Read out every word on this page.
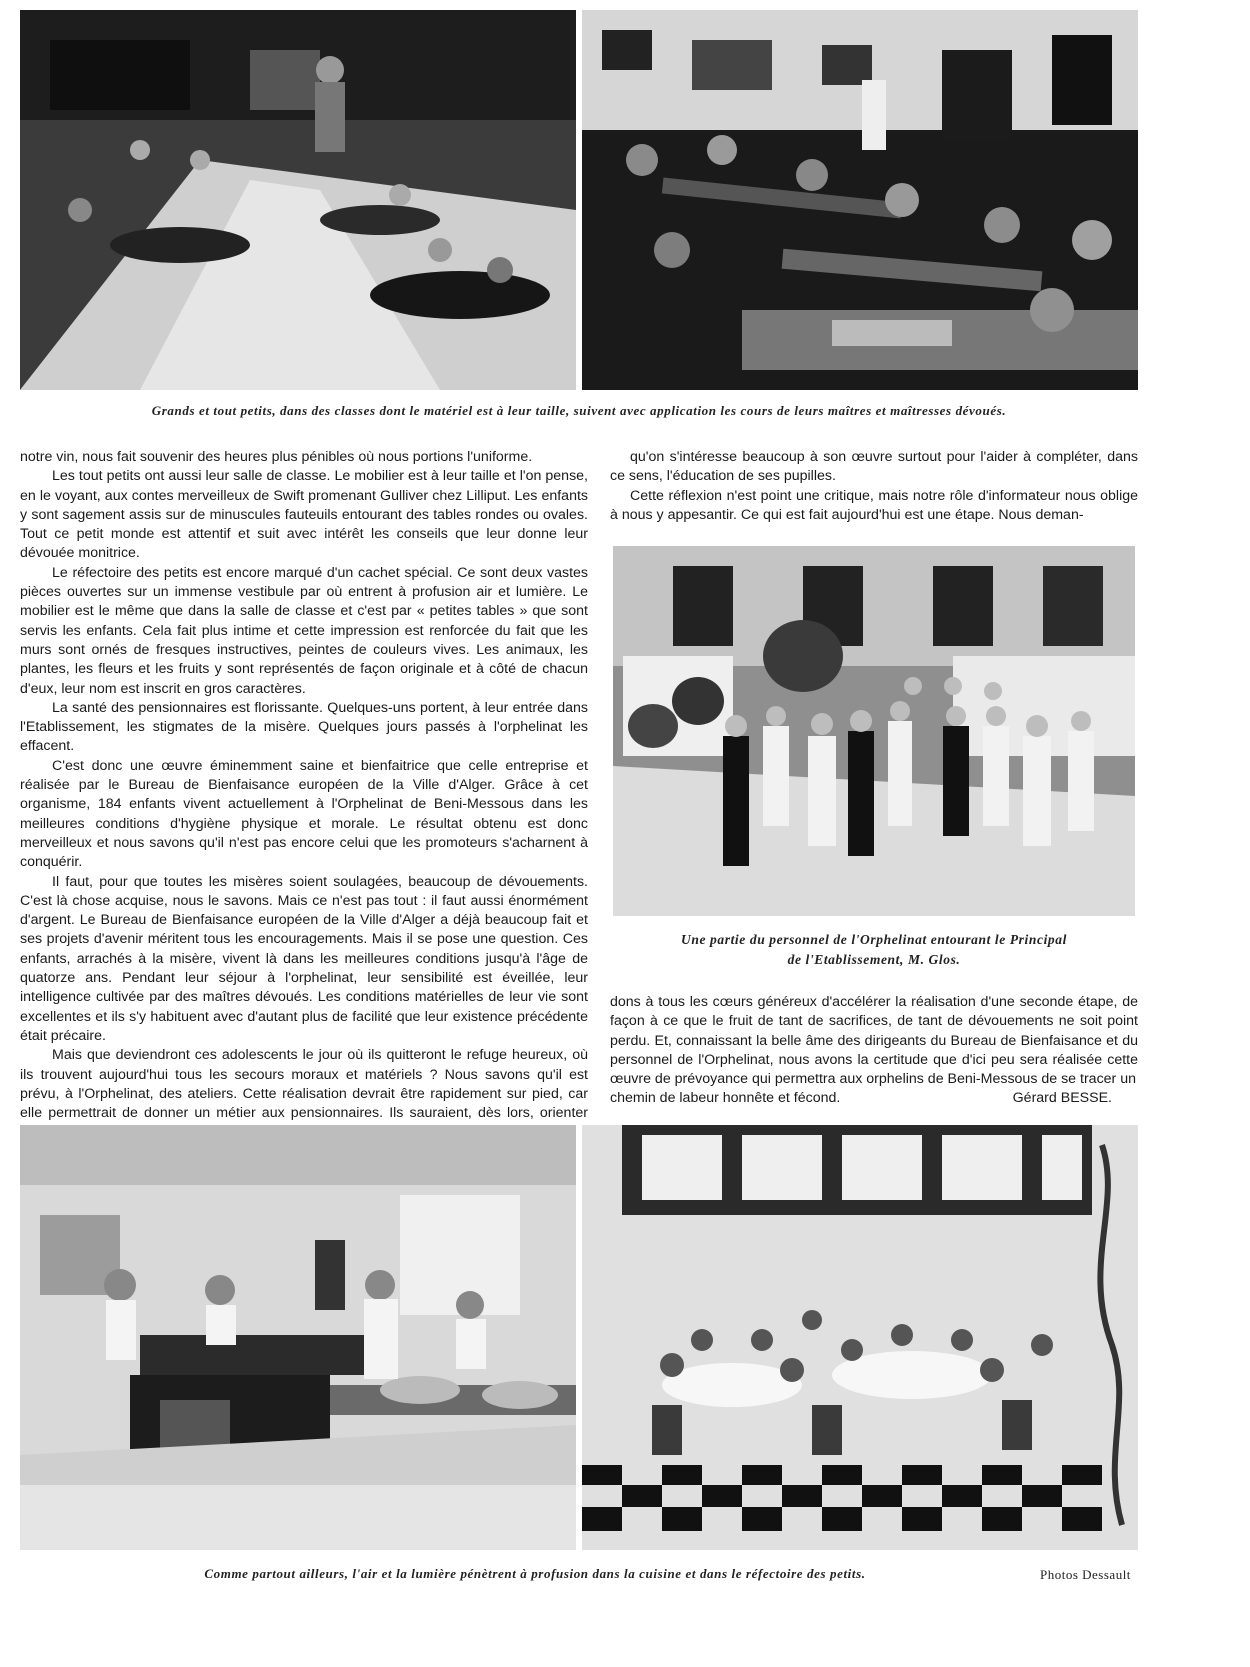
Grands et tout petits, dans des classes dont le matériel est à leur taille, suivent avec application les cours de leurs maîtres et maîtresses dévoués.

notre vin, nous fait souvenir des heures plus pénibles où nous portions l'uniforme.

Les tout petits ont aussi leur salle de classe. Le mobilier est à leur taille et l'on pense, en le voyant, aux contes merveilleux de Swift promenant Gulliver chez Lilliput. Les enfants y sont sagement assis sur de minuscules fauteuils entourant des tables rondes ou ovales. Tout ce petit monde est attentif et suit avec intérêt les conseils que leur donne leur dévouée monitrice.

Le réfectoire des petits est encore marqué d'un cachet spécial. Ce sont deux vastes pièces ouvertes sur un immense vestibule par où entrent à profusion air et lumière. Le mobilier est le même que dans la salle de classe et c'est par « petites tables » que sont servis les enfants. Cela fait plus intime et cette impression est renforcée du fait que les murs sont ornés de fresques instructives, peintes de couleurs vives. Les animaux, les plantes, les fleurs et les fruits y sont représentés de façon originale et à côté de chacun d'eux, leur nom est inscrit en gros caractères.

La santé des pensionnaires est florissante. Quelques-uns portent, à leur entrée dans l'Etablissement, les stigmates de la misère. Quelques jours passés à l'orphelinat les effacent.

C'est donc une œuvre éminemment saine et bienfaitrice que celle entreprise et réalisée par le Bureau de Bienfaisance européen de la Ville d'Alger. Grâce à cet organisme, 184 enfants vivent actuellement à l'Orphelinat de Beni-Messous dans les meilleures conditions d'hygiène physique et morale. Le résultat obtenu est donc merveilleux et nous savons qu'il n'est pas encore celui que les promoteurs s'acharnent à conquérir.

Il faut, pour que toutes les misères soient soulagées, beaucoup de dévouements. C'est là chose acquise, nous le savons. Mais ce n'est pas tout : il faut aussi énormément d'argent. Le Bureau de Bienfaisance européen de la Ville d'Alger a déjà beaucoup fait et ses projets d'avenir méritent tous les encouragements. Mais il se pose une question. Ces enfants, arrachés à la misère, vivent là dans les meilleures conditions jusqu'à l'âge de quatorze ans. Pendant leur séjour à l'orphelinat, leur sensibilité est éveillée, leur intelligence cultivée par des maîtres dévoués. Les conditions matérielles de leur vie sont excellentes et ils s'y habituent avec d'autant plus de facilité que leur existence précédente était précaire.

Mais que deviendront ces adolescents le jour où ils quitteront le refuge heureux, où ils trouvent aujourd'hui tous les secours moraux et matériels ? Nous savons qu'il est prévu, à l'Orphelinat, des ateliers. Cette réalisation devrait être rapidement sur pied, car elle permettrait de donner un métier aux pensionnaires. Ils sauraient, dès lors, orienter

qu'on s'intéresse beaucoup à son œuvre surtout pour l'aider à compléter, dans ce sens, l'éducation de ses pupilles.

Cette réflexion n'est point une critique, mais notre rôle d'informateur nous oblige à nous y appesantir. Ce qui est fait aujourd'hui est une étape. Nous deman-

Une partie du personnel de l'Orphelinat entourant le Principal
de l'Etablissement, M. Glos.

dons à tous les cœurs généreux d'accélérer la réalisation d'une seconde étape, de façon à ce que le fruit de tant de sacrifices, de tant de dévouements ne soit point perdu. Et, connaissant la belle âme des dirigeants du Bureau de Bienfaisance et du personnel de l'Orphelinat, nous avons la certitude que d'ici peu sera réalisée cette œuvre de prévoyance qui permettra aux orphelins de Beni-Messous de se tracer un

chemin de labeur honnête et fécond.	Gérard BESSE.
Comme partout ailleurs, l'air et la lumière pénètrent à profusion dans la cuisine et dans le réfectoire des petits.	Photos Dessault
